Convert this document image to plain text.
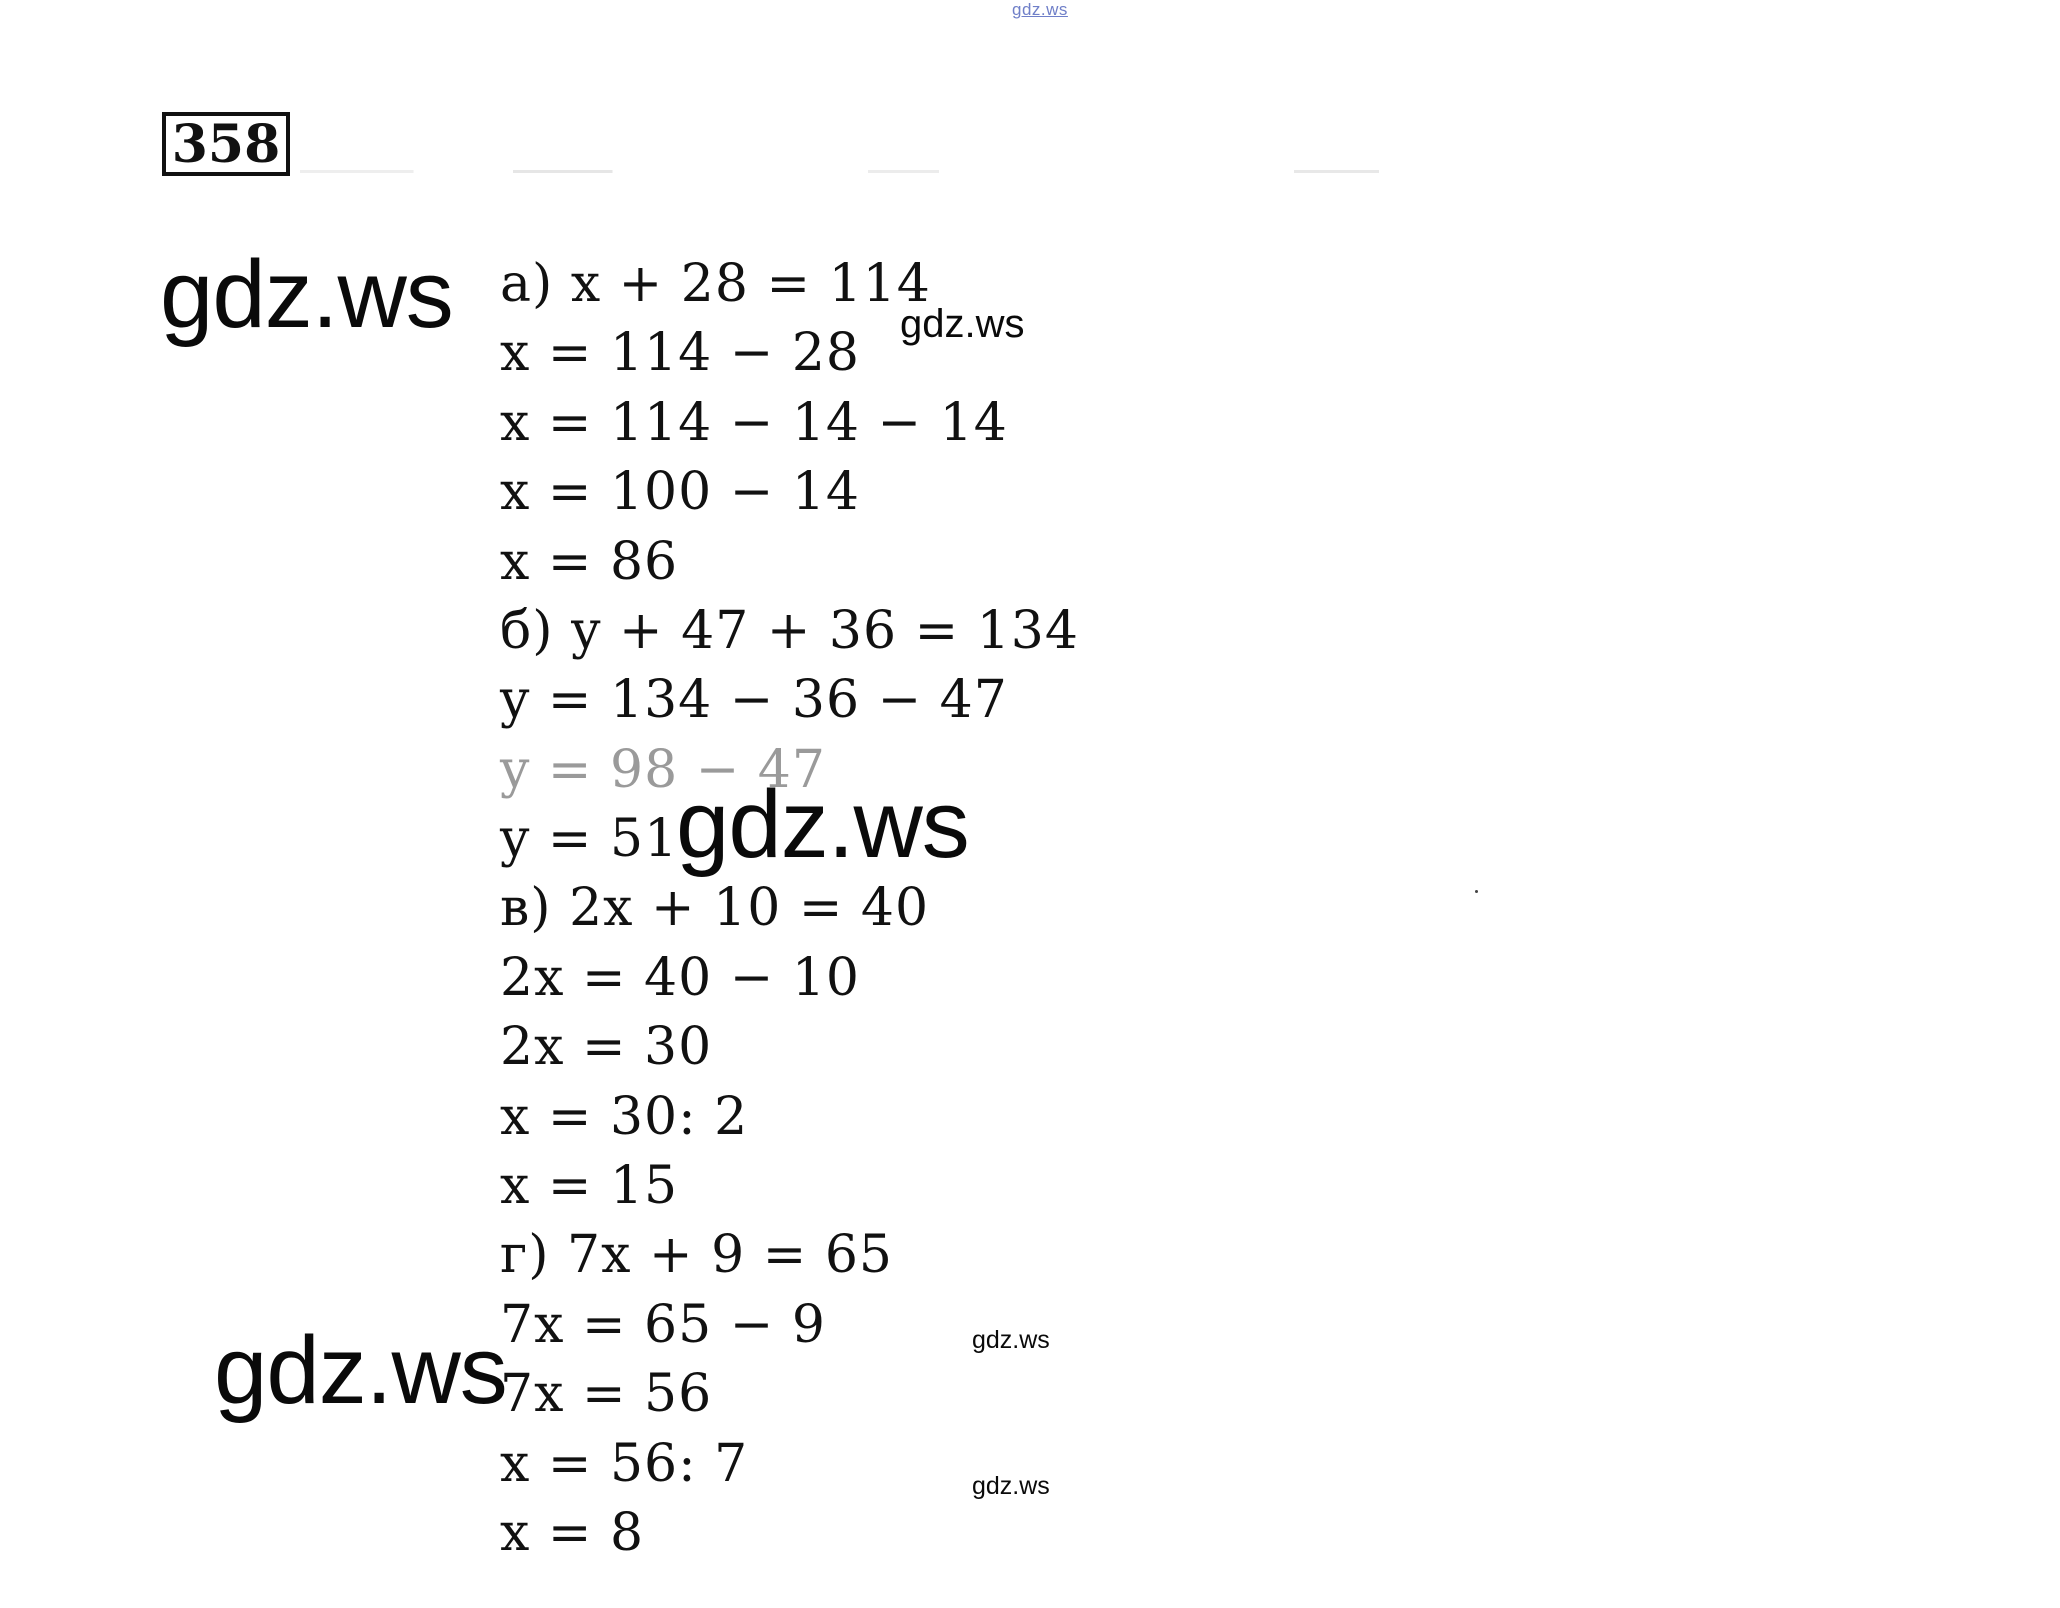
gdz.ws
358
а) x + 28 = 114
x = 114 − 28
x = 114 − 14 − 14
x = 100 − 14
x = 86
б) y + 47 + 36 = 134
y = 134 − 36 − 47
y = 98 − 47
y = 51
в) 2x + 10 = 40
2x = 40 − 10
2x = 30
x = 30: 2
x = 15
г) 7x + 9 = 65
7x = 65 − 9
7x = 56
x = 56: 7
x = 8
gdz.ws	gdz.ws
gdz.ws
gdz.ws	gdz.ws
gdz.ws
